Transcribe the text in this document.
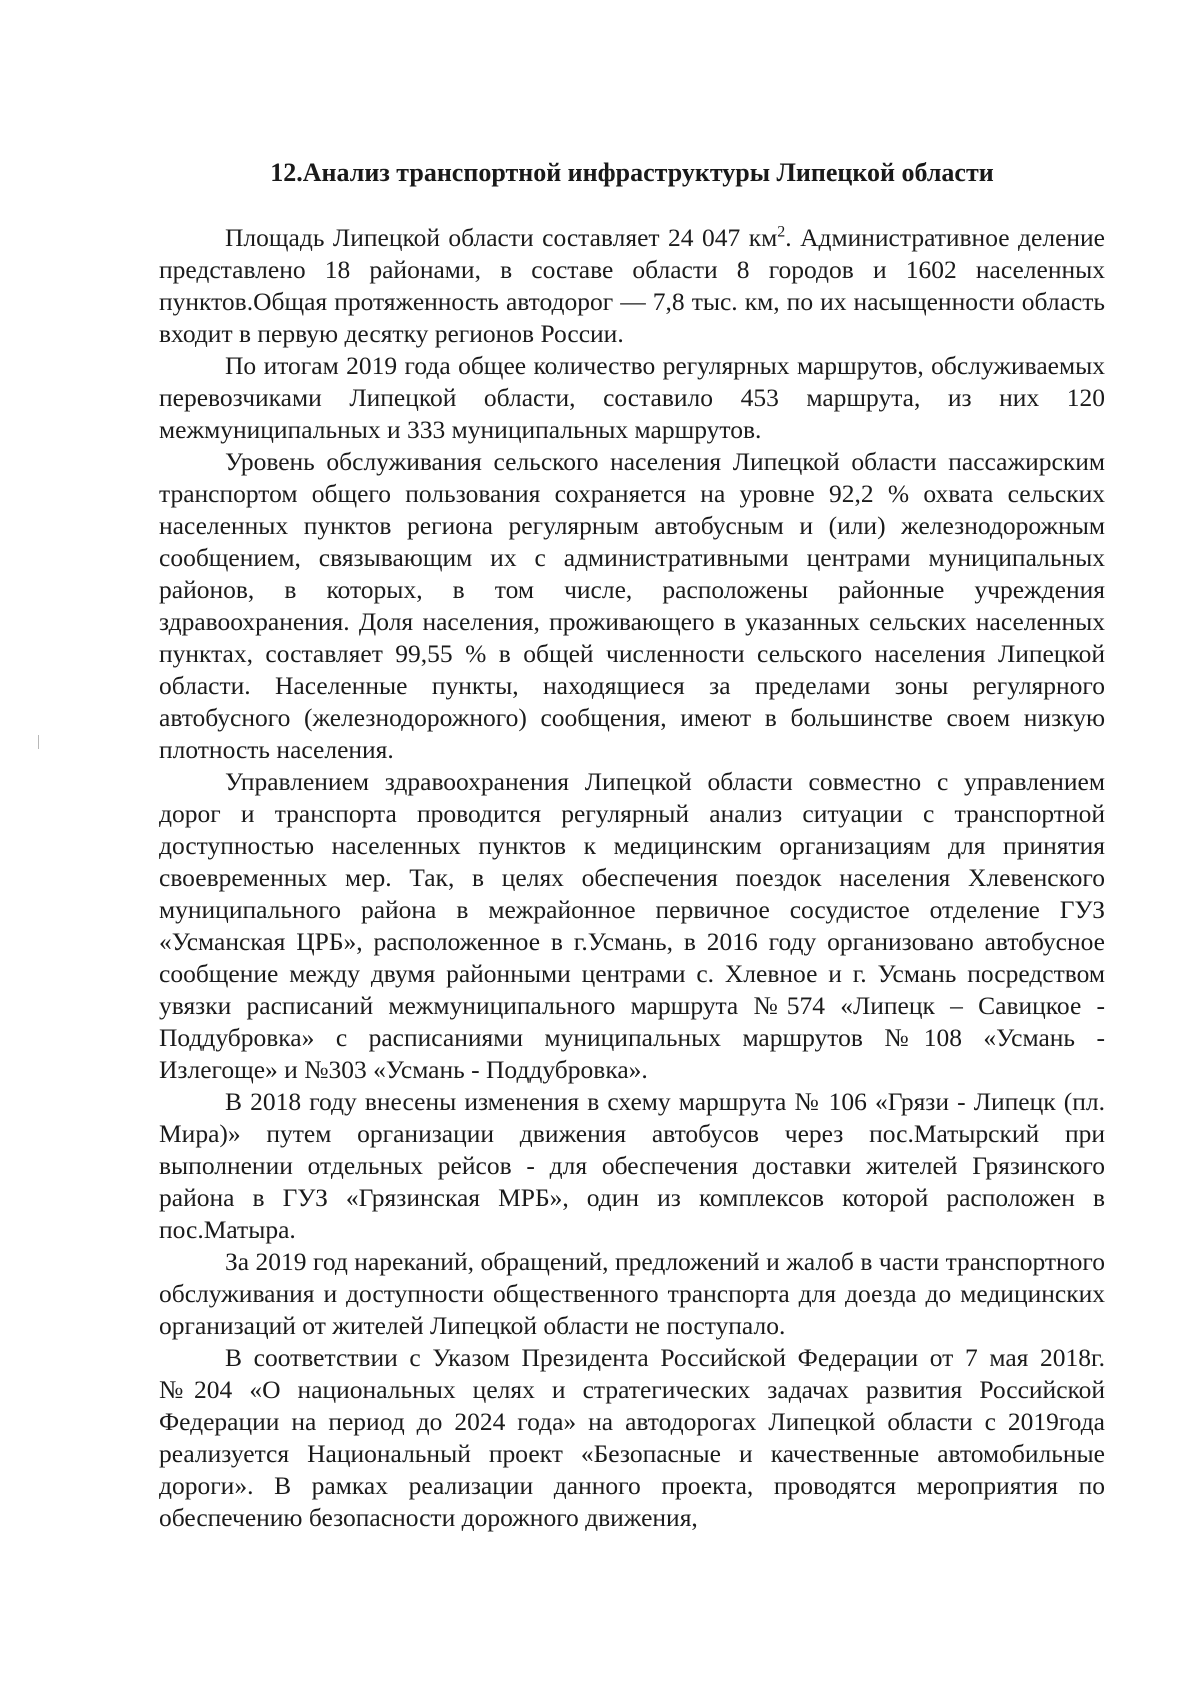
12.Анализ транспортной инфраструктуры Липецкой области

Площадь Липецкой области составляет 24 047 $км^2$. Административное деление представлено 18 районами, в составе области 8 городов и 1602 населенных пунктов.Общая протяженность автодорог — 7,8 тыс. км, по их насыщенности область входит в первую десятку регионов России.

По итогам 2019 года общее количество регулярных маршрутов, обслуживаемых перевозчиками Липецкой области, составило 453 маршрута, из них 120 межмуниципальных и 333 муниципальных маршрутов.

Уровень обслуживания сельского населения Липецкой области пассажирским транспортом общего пользования сохраняется на уровне 92,2 % охвата сельских населенных пунктов региона регулярным автобусным и (или) железнодорожным сообщением, связывающим их с административными центрами муниципальных районов, в которых, в том числе, расположены районные учреждения здравоохранения. Доля населения, проживающего в указанных сельских населенных пунктах, составляет 99,55 % в общей численности сельского населения Липецкой области. Населенные пункты, находящиеся за пределами зоны регулярного автобусного (железнодорожного) сообщения, имеют в большинстве своем низкую плотность населения.

Управлением здравоохранения Липецкой области совместно с управлением дорог и транспорта проводится регулярный анализ ситуации с транспортной доступностью населенных пунктов к медицинским организациям для принятия своевременных мер. Так, в целях обеспечения поездок населения Хлевенского муниципального района в межрайонное первичное сосудистое отделение ГУЗ «Усманская ЦРБ», расположенное в г.Усмань, в 2016 году организовано автобусное сообщение между двумя районными центрами с. Хлевное и г. Усмань посредством увязки расписаний межмуниципального маршрута №574 «Липецк – Савицкое - Поддубровка» с расписаниями муниципальных маршрутов №108 «Усмань - Излегоще» и №303 «Усмань - Поддубровка».

В 2018 году внесены изменения в схему маршрута № 106 «Грязи - Липецк (пл. Мира)» путем организации движения автобусов через пос.Матырский при выполнении отдельных рейсов - для обеспечения доставки жителей Грязинского района в ГУЗ «Грязинская МРБ», один из комплексов которой расположен в пос.Матыра.

За 2019 год нареканий, обращений, предложений и жалоб в части транспортного обслуживания и доступности общественного транспорта для доезда до медицинских организаций от жителей Липецкой области не поступало.

В соответствии с Указом Президента Российской Федерации от 7 мая 2018г. №204 «О национальных целях и стратегических задачах развития Российской Федерации на период до 2024 года» на автодорогах Липецкой области с 2019года реализуется Национальный проект «Безопасные и качественные автомобильные дороги». В рамках реализации данного проекта, проводятся мероприятия по обеспечению безопасности дорожного движения,
